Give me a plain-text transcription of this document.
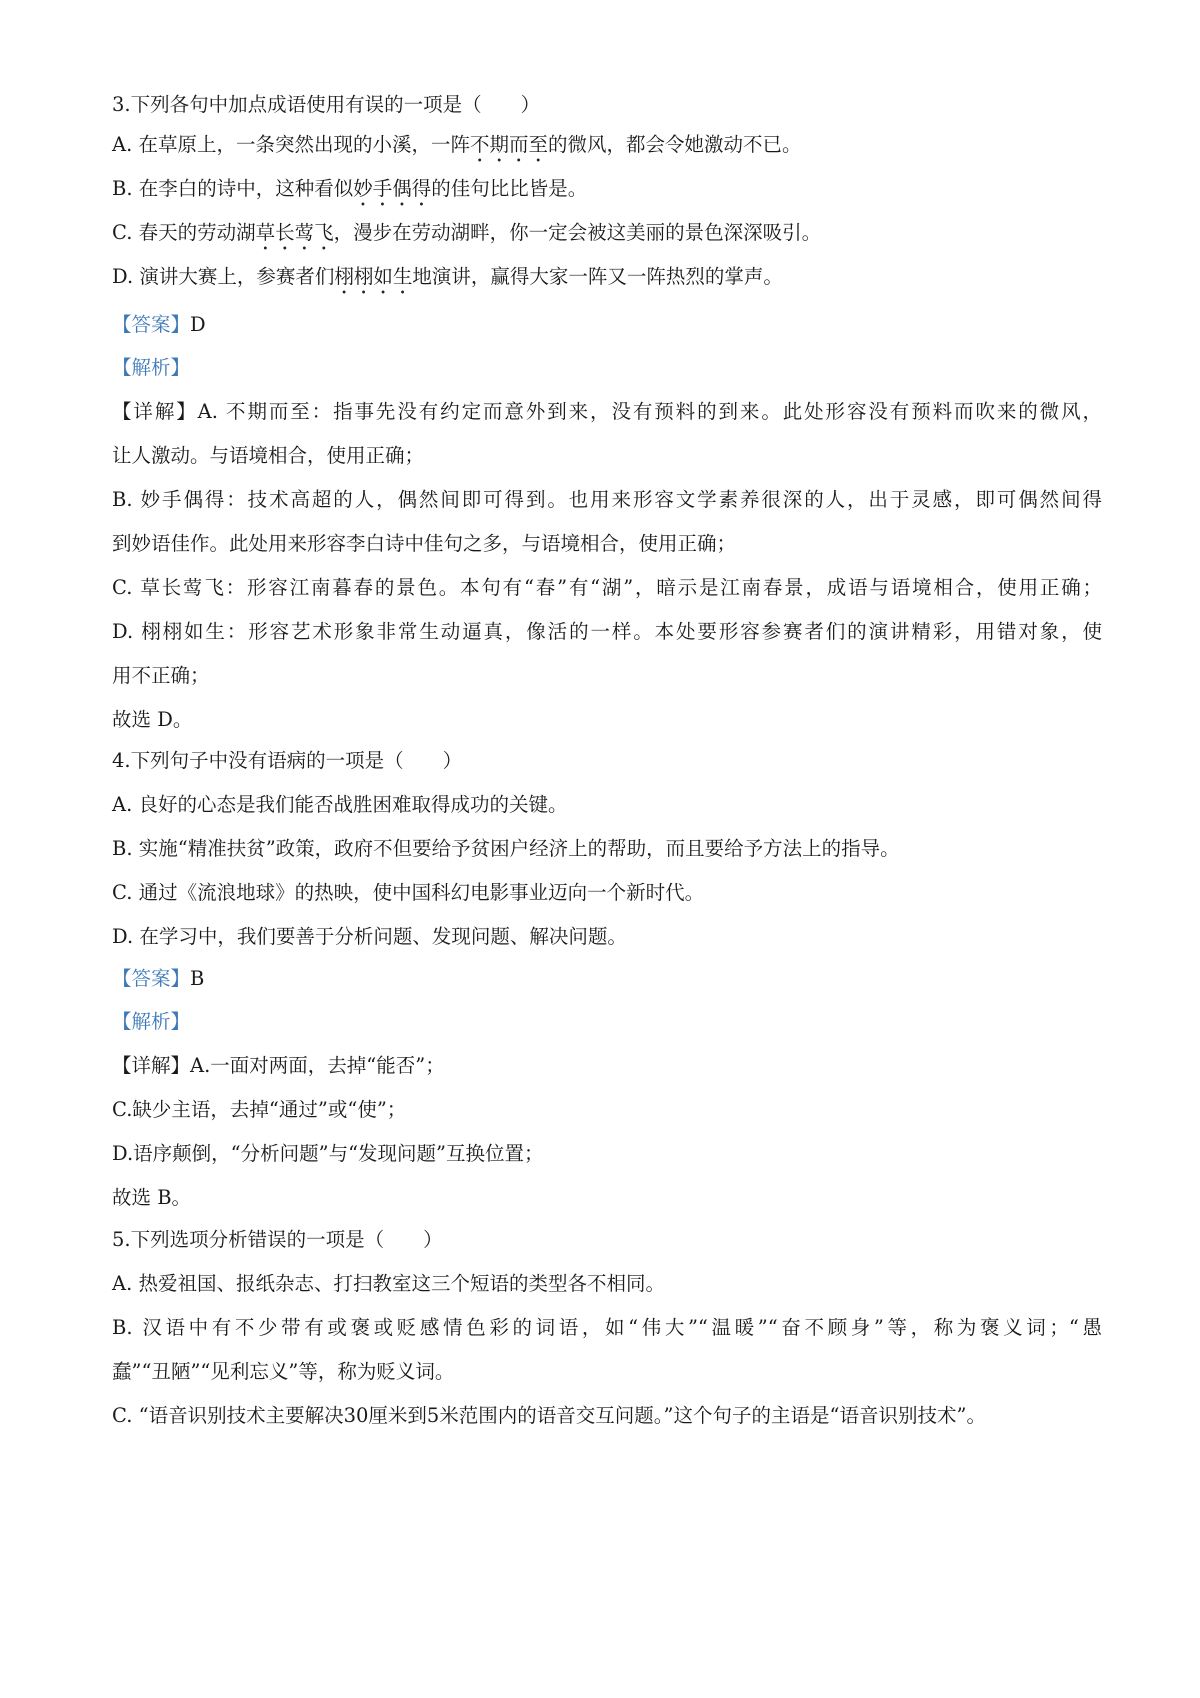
3.下列各句中加点成语使用有误的一项是（　　）
A. 在草原上，一条突然出现的小溪，一阵不期而至的微风，都会令她激动不已。
B. 在李白的诗中，这种看似妙手偶得的佳句比比皆是。
C. 春天的劳动湖草长莺飞，漫步在劳动湖畔，你一定会被这美丽的景色深深吸引。
D. 演讲大赛上，参赛者们栩栩如生地演讲，赢得大家一阵又一阵热烈的掌声。
【答案】D
【解析】
【详解】A. 不期而至：指事先没有约定而意外到来，没有预料的到来。此处形容没有预料而吹来的微风，
让人激动。与语境相合，使用正确；
B. 妙手偶得：技术高超的人，偶然间即可得到。也用来形容文学素养很深的人，出于灵感，即可偶然间得
到妙语佳作。此处用来形容李白诗中佳句之多，与语境相合，使用正确；
C. 草长莺飞：形容江南暮春的景色。本句有“春”有“湖”，暗示是江南春景，成语与语境相合，使用正确；
D. 栩栩如生：形容艺术形象非常生动逼真，像活的一样。本处要形容参赛者们的演讲精彩，用错对象，使
用不正确；
故选 D。
4.下列句子中没有语病的一项是（　　）
A. 良好的心态是我们能否战胜困难取得成功的关键。
B. 实施“精准扶贫”政策，政府不但要给予贫困户经济上的帮助，而且要给予方法上的指导。
C. 通过《流浪地球》的热映，使中国科幻电影事业迈向一个新时代。
D. 在学习中，我们要善于分析问题、发现问题、解决问题。
【答案】B
【解析】
【详解】A.一面对两面，去掉“能否”；
C.缺少主语，去掉“通过”或“使”；
D.语序颠倒，“分析问题”与“发现问题”互换位置；
故选 B。
5.下列选项分析错误的一项是（　　）
A. 热爱祖国、报纸杂志、打扫教室这三个短语的类型各不相同。
B. 汉语中有不少带有或褒或贬感情色彩的词语，如“伟大”“温暖”“奋不顾身”等，称为褒义词；“愚
蠢”“丑陋”“见利忘义”等，称为贬义词。
C. “语音识别技术主要解决30厘米到5米范围内的语音交互问题。”这个句子的主语是“语音识别技术”。
